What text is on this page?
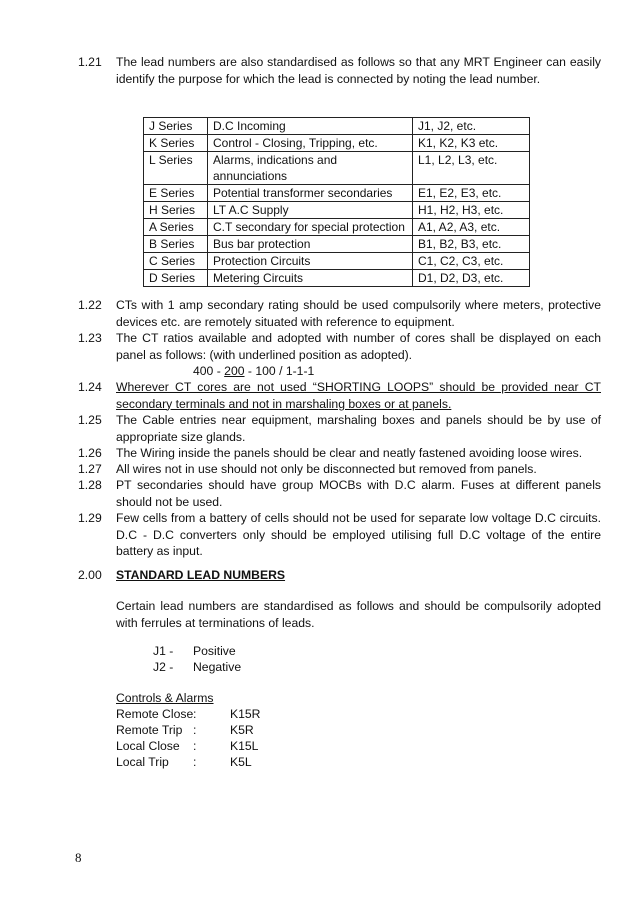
1.21	The lead numbers are also standardised as follows so that any MRT Engineer can easily identify the purpose for which the lead is connected by noting the lead number.
J Series	D.C Incoming	J1, J2, etc.
K Series	Control - Closing, Tripping, etc.	K1, K2, K3 etc.
L Series	Alarms, indications and annunciations	L1, L2, L3, etc.
E Series	Potential transformer secondaries	E1, E2, E3, etc.
H Series	LT A.C Supply	H1, H2, H3, etc.
A Series	C.T secondary for special protection	A1, A2, A3, etc.
B Series	Bus bar protection	B1, B2, B3, etc.
C Series	Protection Circuits	C1, C2, C3, etc.
D Series	Metering Circuits	D1, D2, D3, etc.
1.22	CTs with 1 amp secondary rating should be used compulsorily where meters, protective devices etc. are remotely situated with reference to equipment.
1.23	The CT ratios available and adopted with number of cores shall be displayed on each panel as follows: (with underlined position as adopted).
400 - 200 - 100 / 1-1-1
1.24	Wherever CT cores are not used “SHORTING LOOPS” should be provided near CT secondary terminals and not in marshaling boxes or at panels.
1.25	The Cable entries near equipment, marshaling boxes and panels should be by use of appropriate size glands.
1.26	The Wiring inside the panels should be clear and neatly fastened avoiding loose wires.
1.27	All wires not in use should not only be disconnected but removed from panels.
1.28	PT secondaries should have group MOCBs with D.C alarm. Fuses at different panels should not be used.
1.29	Few cells from a battery of cells should not be used for separate low voltage D.C circuits. D.C - D.C converters only should be employed utilising full D.C voltage of the entire battery as input.
2.00	STANDARD LEAD NUMBERS
Certain lead numbers are standardised as follows and should be compulsorily adopted with ferrules at terminations of leads.
J1 - Positive
J2 - Negative
Controls & Alarms
Remote Close :	K15R
Remote Trip :	K5R
Local Close :	K15L
Local Trip :	K5L
8
